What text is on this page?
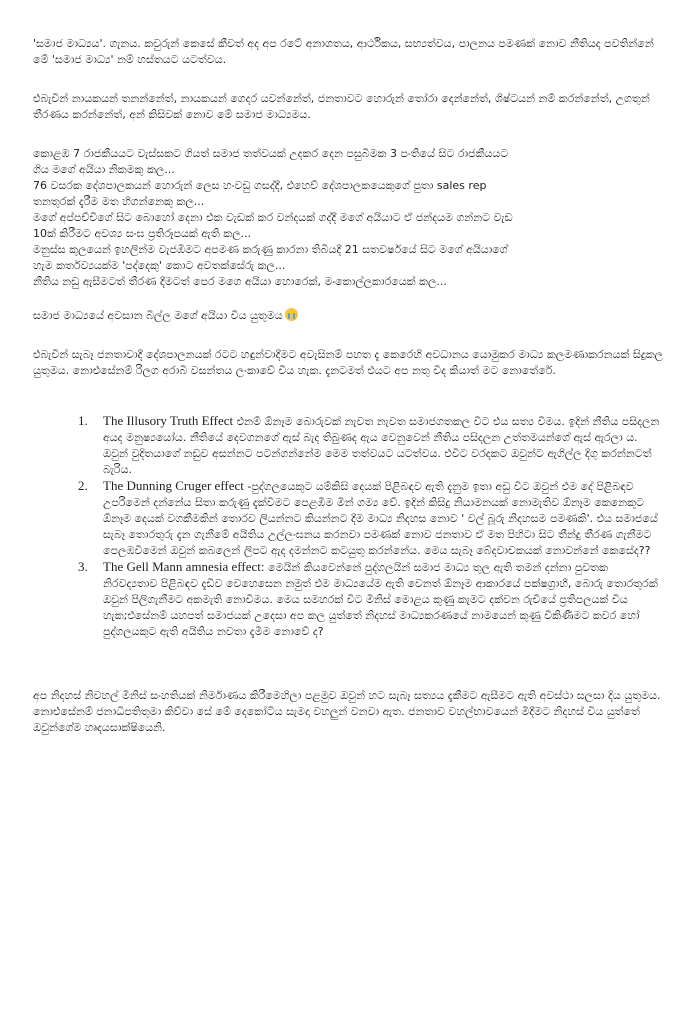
'සමාජ මාධ්‍යය'. ගැනය. කවුරුන් කෙසේ කීවත් අද අප රටේ අනාගතය, ආර්ථිකය, සභ්‍යත්වය, පාලනය පමණක් නොව නීතියද පවතින්නේ මේ 'සමාජ මාධ්‍ය' නම් හස්තයට යටත්වය.

එබැවින් නායකයන් තනන්නේත්, නායකයන් ගෙදර යවන්නේත්, ජනතාවට හොරුන් තෝරා දෙන්නේත්, ශිෂ්ටයන් නම් කරන්නේත්, උගතුන් තීරණය කරන්නේත්, අන් කිසිවක් නොව මේ සමාජ මාධ්‍යමය.

කොළඹ 7 රාජකීයයට වැස්සකට ගියත් සමාජ තත්වයක් උදකර දෙන පසුබිමක 3 පංතියේ සිට රාජකීයයට
ගිය මගේ අයියා නිකමකු කල...
76 වසරක දේශපාලකයන් හොරුන් ලෙස හංවඩු ගසද්දී, එහෙව් දේශපාලකයෙකුගේ පුතා sales rep
තනතුරක් දැරීම මත හිගන්නෙකු කල...
මගේ අප්පච්චිගේ සිට බොහෝ දෙනා එක වැඩක් කර වන්දයක් ගද්දී මගේ අයියාට ඒ ජන්දයම ගන්නට වැඩ
10ක් කිරීමට අවශ්‍ය සංඝ ප්‍රතිරූපයක් ඇති කල...
මනුස්ස කුලයෙන් ඉහලින්ම වැජඹීමට අපමණ කරුණු කාරනා තිබියදී 21 සතවර්ෂයේ සිට මගේ අයියාගේ
හැම කර්තව්‍යයක්ම 'පද්දෙකු' කොට අවතක්සේරු කල...
නීතිය නඩු ඇසීමටත් තීරණ දීමටත් පෙර මගෙ අයියා හොරෙක්, මංකොල්ලකාරයෙක් කල...

සමාජ මාධ්‍යයේ අවසාන බිල්ල මගේ අයියා විය යුතුමය

එබැවින් සැබෑ ජනතාවාදී දේශපාලනයක් රටට හඳුන්වාදීමට අවැසිනම් පහත දැ කෙරෙහි අවධානය යොමුකර මාධ්‍ය කලමණාකරනයක් සිදුකල යුතුමය. නොඑසේනම් රිලග අරාබි වසන්තය ලංකාවේ විය හැක. දැනටමත් එයට අප නතු විද කියාත් මට නොතේරේ.

1. The Illusory Truth Effect එනම් ඕනෑම බොරුවක් නැවත නැවත සමාජගතකල විට එය සත්‍ය විමය. ඉදින් නීතිය පසිදලන අයද මනුෂ්‍යයෝය. නීතියේ දෙවගනගේ ඇස් බැද තිබුණද ඇය වෙනුවෙන් නීතිය පසිදලන උත්තමයන්ගේ ඇස් ඇරලා ය. ඔවුන් වුදිතයාගේ නඩුව අසන්නට පටන්ගන්නේම මෙම තත්වයට යටත්වය. එවිට වරදකට ඔවුන්ට ඇගිල්ල දිගු කරන්නටත් බැරිය.
2. The Dunning Cruger effect -පුද්ගලයෙකුට යම්කිසි දෙයක් පිළිබඳව ඇති දැනුම ඉතා අඩු විට ඔවුන් එම දේ පිළිබඳව උපරිමෙන් දන්නේය සිතා කරුණු දැක්වීමට පෙළඹීම මින් ගම්‍ය වේ. ඉදින් කිසිදු නියාමනයක් නොමැතිව ඕනෑම කෙනෙකුට ඕනෑම දෙයක් වගකීමකින් තොරව ලියන්නට කියන්නට දීම මාධ්‍ය නිදහස නොව ' වල් බූරු නිදහසම පමණකි'. එය සමාජයේ සැබෑ තොරතුරු දැන ගැනීමේ අයිතිය උල්ලංඝනය කරනවා පමණක් නොව ජනතාව ඒ මත පිහිටා සිට තීන්දු තීරණ ගැනීමට පෙලඹවීමෙන් ඔවුන් කබලෙන් ලිපට ඇද දමන්නට කටයුතු කරන්නේය. මෙය සැබෑ බේදවාචකයක් නොවන්නේ කෙසේද??
3. The Gell Mann amnesia effect: මෙයින් කියවෙන්නේ පුද්ගලයින් සමාජ මාධ්‍ය තුල ඇති තමන් දන්නා පුවතක නිරවද්‍යතාව පිළිබඳව දැඩිව වෙහෙසෙන නමුත් එම මාධ්‍යයේම ඇති වෙනත් ඕනෑම ආකාරයේ පක්ෂග්‍රාහී, බොරු තොරතුරක් ඔවුන් පිලිගැනීමට අකමැති නොවීමය. මෙය සමහරක් විට මිනිස් මොළය කුණු කැමට දක්වන රුචියේ ප්‍රතිපලයක් විය හැක;එසේනම් යහපත් සමාජයක් උදෙසා අප කල යුත්තේ නිදහස් මාධ්‍යකරණයේ නාමයෙන් කුණු විකිණීමට කවර හෝ පුද්ගලයකුට ඇති අයිතිය නවතා දැමීම නොවේ ද?

අප නිදහස් නිවහල් මිනිස් සංහතියක් නිර්මාණය කිරීමෙහිලා පළමුව ඔවුන් හට සැබෑ සත්‍යය දැකීමට ඇසීමට ඇති අවස්ථා සලසා දිය යුතුමය. නොඑසේනම් ජනාධිපතිතුමා කිව්වා සේ මේ දෙකෝටිය සැමදා වහලුන් වනවා ඇත. ජනතාව වහල්භාවයෙන් මිදීමට නිදහස් විය යුත්තේ ඔවුන්ගේම හෘදයසාක්ෂියෙනි.
